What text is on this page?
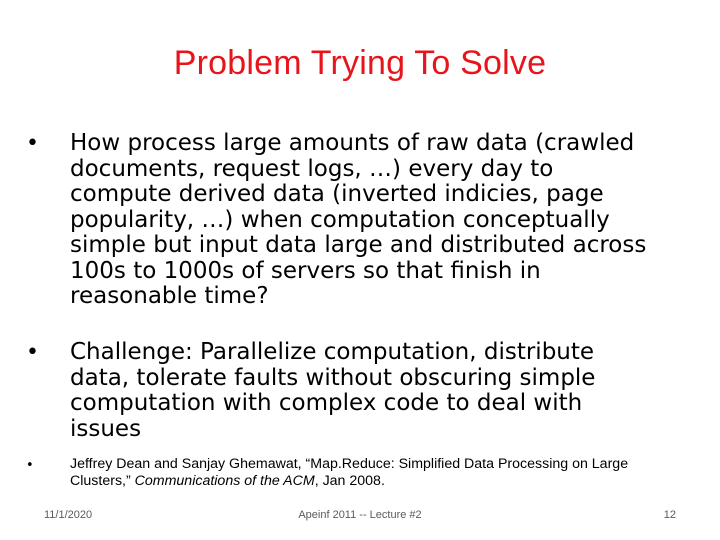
Problem Trying To Solve
• How process large amounts of raw data (crawled
documents, request logs, …) every day to
compute derived data (inverted indicies, page
popularity, …) when computation conceptually
simple but input data large and distributed across
100s to 1000s of servers so that finish in
reasonable time?
• Challenge: Parallelize computation, distribute
data, tolerate faults without obscuring simple
computation with complex code to deal with
issues
•	Jeffrey Dean and Sanjay Ghemawat, “Map.Reduce: Simplified Data Processing on Large Clusters,” Communications of the ACM, Jan 2008.
11/1/2020	Apeinf 2011 -- Lecture #2	12
